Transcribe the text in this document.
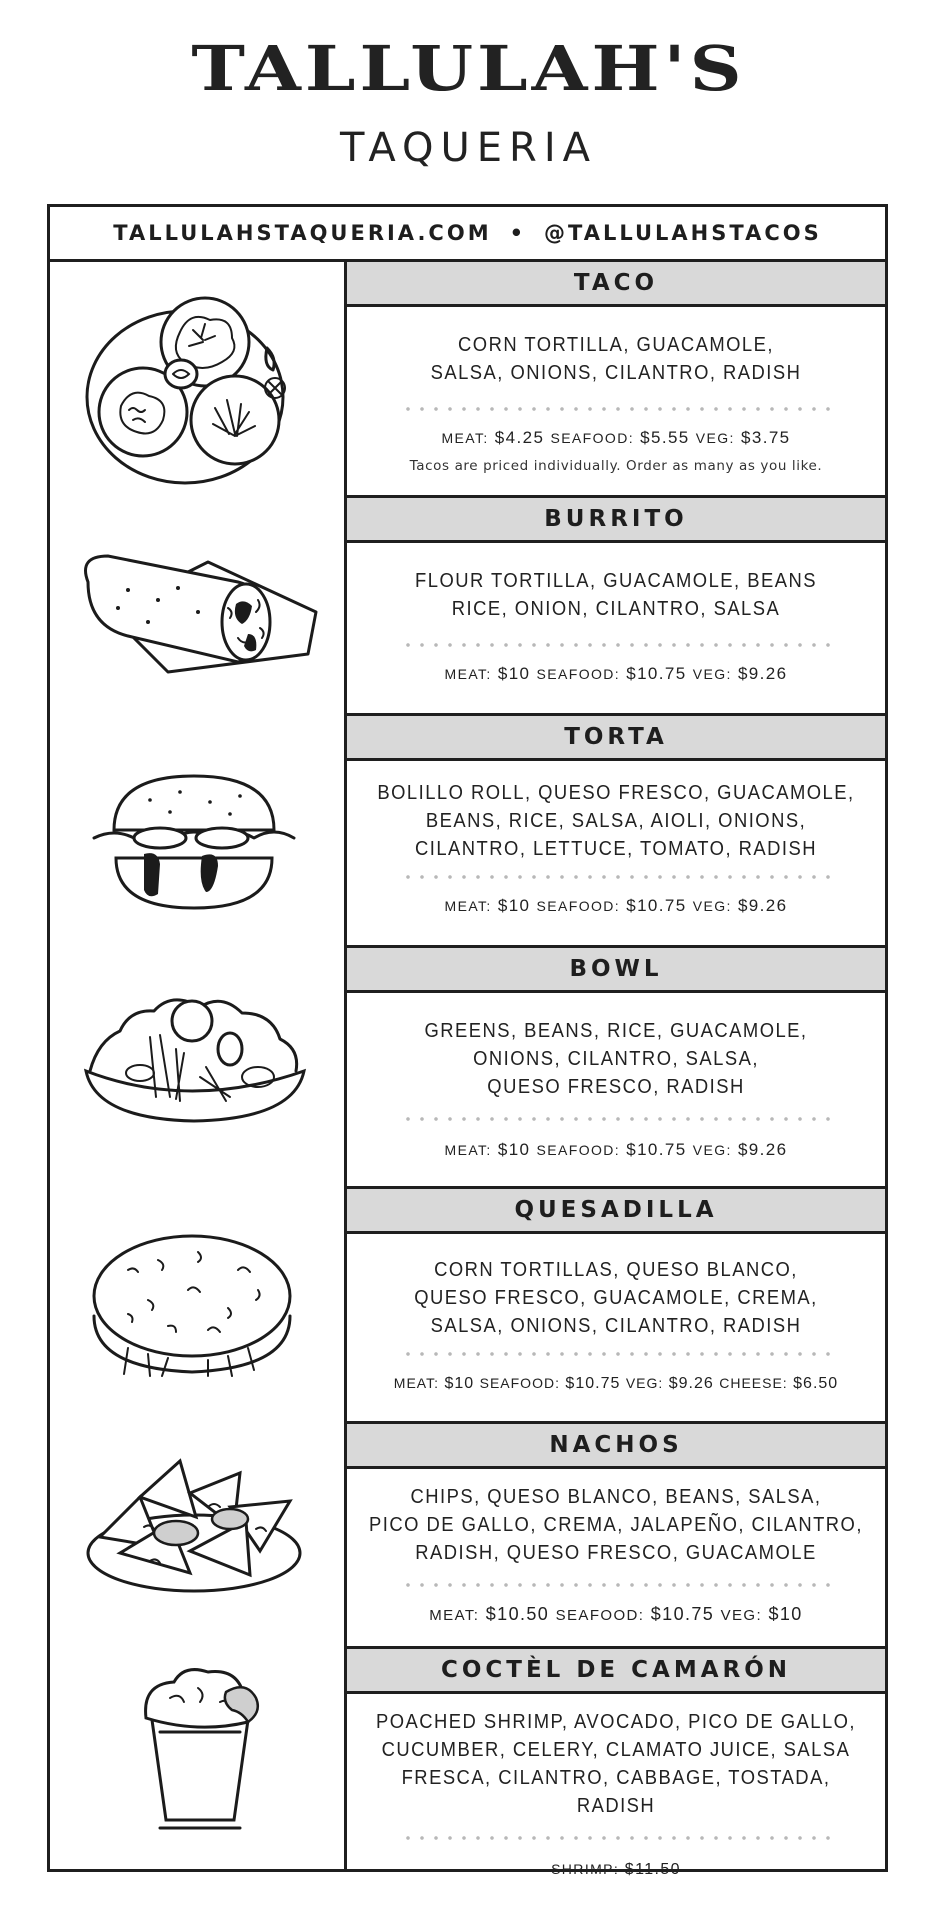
TALLULAH'S
TAQUERIA
TALLULAHSTAQUERIA.COM • @TALLULAHSTACOS
TACO
CORN TORTILLA, GUACAMOLE,
SALSA, ONIONS, CILANTRO, RADISH
MEAT: $4.25 SEAFOOD: $5.55 VEG: $3.75
Tacos are priced individually. Order as many as you like.
BURRITO
FLOUR TORTILLA, GUACAMOLE, BEANS
RICE, ONION, CILANTRO, SALSA
MEAT: $10 SEAFOOD: $10.75 VEG: $9.26
TORTA
BOLILLO ROLL, QUESO FRESCO, GUACAMOLE,
BEANS, RICE, SALSA, AIOLI, ONIONS,
CILANTRO, LETTUCE, TOMATO, RADISH
MEAT: $10 SEAFOOD: $10.75 VEG: $9.26
BOWL
GREENS, BEANS, RICE, GUACAMOLE,
ONIONS, CILANTRO, SALSA,
QUESO FRESCO, RADISH
MEAT: $10 SEAFOOD: $10.75 VEG: $9.26
QUESADILLA
CORN TORTILLAS, QUESO BLANCO,
QUESO FRESCO, GUACAMOLE, CREMA,
SALSA, ONIONS, CILANTRO, RADISH
MEAT: $10 SEAFOOD: $10.75 VEG: $9.26 CHEESE: $6.50
NACHOS
CHIPS, QUESO BLANCO, BEANS, SALSA,
PICO DE GALLO, CREMA, JALAPEÑO, CILANTRO,
RADISH, QUESO FRESCO, GUACAMOLE
MEAT: $10.50 SEAFOOD: $10.75 VEG: $10
COCTÈL DE CAMARÓN
POACHED SHRIMP, AVOCADO, PICO DE GALLO,
CUCUMBER, CELERY, CLAMATO JUICE, SALSA
FRESCA, CILANTRO, CABBAGE, TOSTADA, RADISH
SHRIMP: $11.50
